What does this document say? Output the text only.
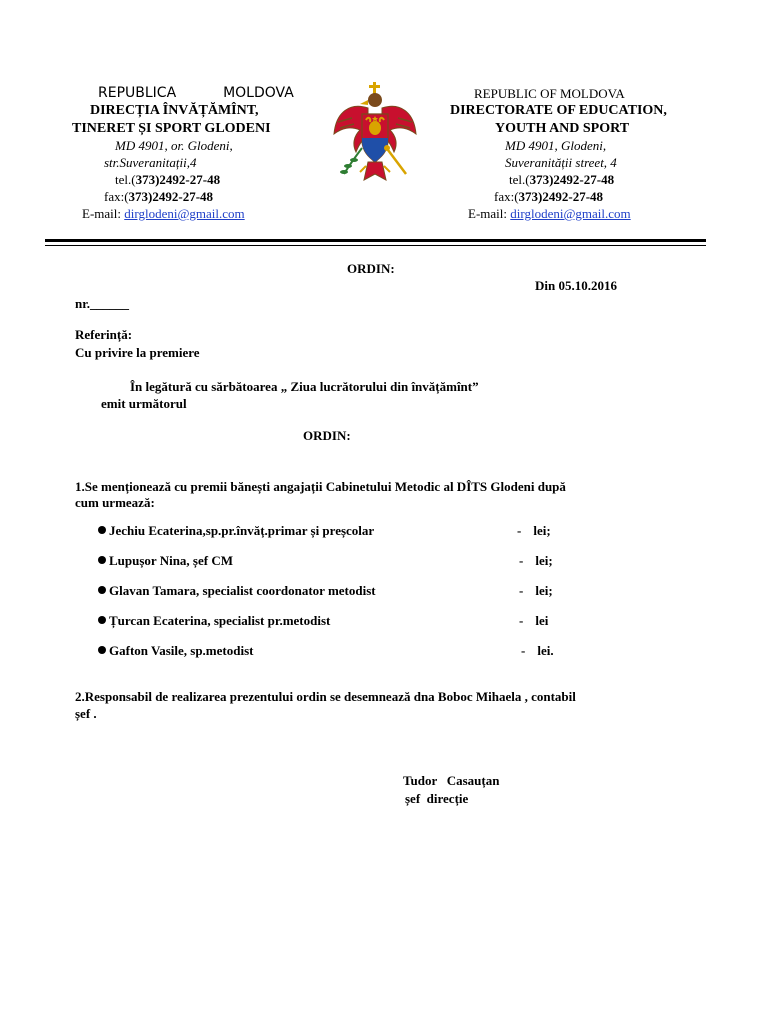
REPUBLICA	MOLDOVA
DIRECȚIA ÎNVĂȚĂMÎNT,
TINERET ȘI SPORT GLODENI
MD 4901, or. Glodeni,
str.Suveranitații,4
tel.(373)2492-27-48
fax:(373)2492-27-48
E-mail: dirglodeni@gmail.com
REPUBLIC OF MOLDOVA
DIRECTORATE OF EDUCATION,
YOUTH AND SPORT
MD 4901, Glodeni,
Suveranității street, 4
tel.(373)2492-27-48
fax:(373)2492-27-48
E-mail: dirglodeni@gmail.com
ORDIN:
Din 05.10.2016
nr.______
Referință:
Cu privire la premiere
În legătură cu sărbătoarea „ Ziua lucrătorului din învățămînt”
emit următorul
ORDIN:
1.Se menționează cu premii bănești angajații Cabinetului Metodic al DÎTS Glodeni după
cum urmează:
Jechiu Ecaterina,sp.pr.învăț.primar și preșcolar	- lei;
Lupușor Nina, șef CM	- lei;
Glavan Tamara, specialist coordonator metodist	- lei;
Țurcan Ecaterina, specialist pr.metodist	- lei
Gafton Vasile, sp.metodist	- lei.
2.Responsabil de realizarea prezentului ordin se desemnează dna Boboc Mihaela , contabil
șef .
Tudor   Casauțan
șef  direcție
